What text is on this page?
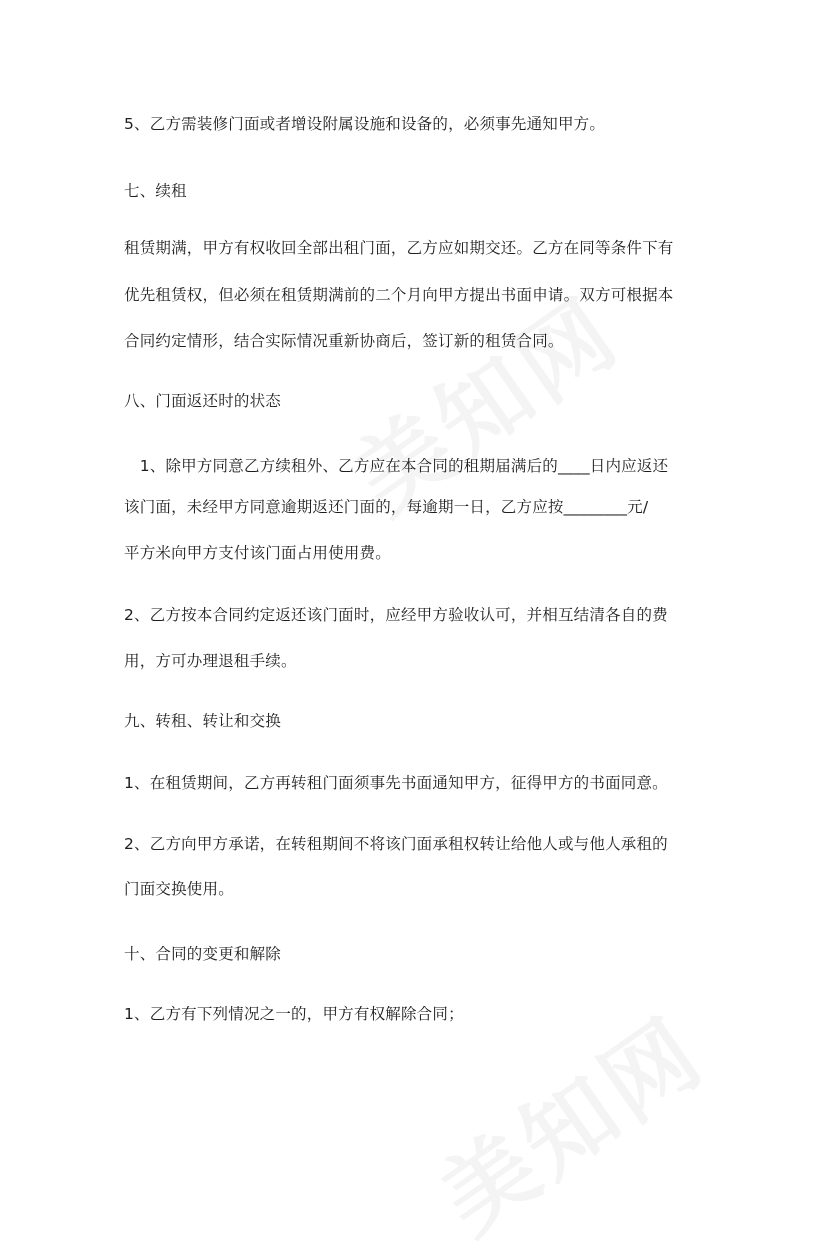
5、乙方需装修门面或者增设附属设施和设备的，必须事先通知甲方。
七、续租
租赁期满，甲方有权收回全部出租门面，乙方应如期交还。乙方在同等条件下有
优先租赁权，但必须在租赁期满前的二个月向甲方提出书面申请。双方可根据本
合同约定情形，结合实际情况重新协商后，签订新的租赁合同。
八、门面返还时的状态
　1、除甲方同意乙方续租外、乙方应在本合同的租期届满后的____日内应返还
该门面，未经甲方同意逾期返还门面的，每逾期一日，乙方应按________元/
平方米向甲方支付该门面占用使用费。
2、乙方按本合同约定返还该门面时，应经甲方验收认可，并相互结清各自的费
用，方可办理退租手续。
九、转租、转让和交换
1、在租赁期间，乙方再转租门面须事先书面通知甲方，征得甲方的书面同意。
2、乙方向甲方承诺，在转租期间不将该门面承租权转让给他人或与他人承租的
门面交换使用。
十、合同的变更和解除
1、乙方有下列情况之一的，甲方有权解除合同；
